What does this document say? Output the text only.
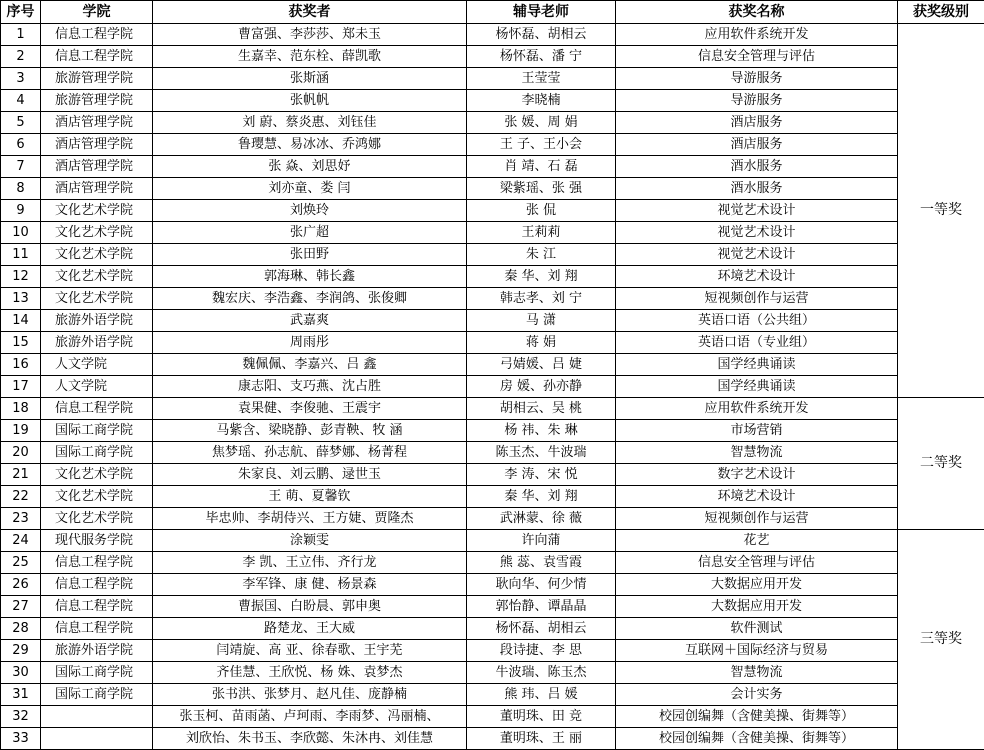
序号	学院	获奖者	辅导老师	获奖名称	获奖级别
1	信息工程学院	曹富强、李莎莎、郑未玉	杨怀磊、胡相云	应用软件系统开发	一等奖
2	信息工程学院	生嘉幸、范东栓、薛凯歌	杨怀磊、潘 宁	信息安全管理与评估	
3	旅游管理学院	张斯涵	王莹莹	导游服务	
4	旅游管理学院	张帆帆	李晓楠	导游服务	
5	酒店管理学院	刘 蔚、蔡炎惠、刘钰佳	张 媛、周 娟	酒店服务	
6	酒店管理学院	鲁璎慧、易冰冰、乔鸿娜	王 子、王小会	酒店服务	
7	酒店管理学院	张 焱、刘思妤	肖 靖、石 磊	酒水服务	
8	酒店管理学院	刘亦童、娄 闫	梁紫瑶、张 强	酒水服务	
9	文化艺术学院	刘焕玲	张 侃	视觉艺术设计	
10	文化艺术学院	张广超	王莉莉	视觉艺术设计	
11	文化艺术学院	张田野	朱 江	视觉艺术设计	
12	文化艺术学院	郭海琳、韩长鑫	秦 华、刘 翔	环境艺术设计	
13	文化艺术学院	魏宏庆、李浩鑫、李润鸽、张俊卿	韩志孝、刘 宁	短视频创作与运营	
14	旅游外语学院	武嘉爽	马 潇	英语口语（公共组）	
15	旅游外语学院	周雨彤	蒋 娟	英语口语（专业组）	
16	人文学院	魏佩佩、李嘉兴、吕 鑫	弓婧媛、吕 婕	国学经典诵读	
17	人文学院	康志阳、支巧燕、沈占胜	房 媛、孙亦静	国学经典诵读	
18	信息工程学院	袁果健、李俊驰、王震宇	胡相云、吴 桃	应用软件系统开发	二等奖
19	国际工商学院	马紫含、梁晓静、彭青鞅、牧 涵	杨 祎、朱 琳	市场营销	
20	国际工商学院	焦梦瑶、孙志航、薛梦娜、杨菁程	陈玉杰、牛波瑞	智慧物流	
21	文化艺术学院	朱家良、刘云鹏、逯世玉	李 涛、宋 悦	数字艺术设计	
22	文化艺术学院	王 萌、夏馨钦	秦 华、刘 翔	环境艺术设计	
23	文化艺术学院	毕忠帅、李胡侍兴、王方婕、贾隆杰	武淋蒙、徐 薇	短视频创作与运营	
24	现代服务学院	涂颖雯	许向蒲	花艺	三等奖
25	信息工程学院	李 凯、王立伟、齐行龙	熊 蕊、袁雪霞	信息安全管理与评估	
26	信息工程学院	李军锋、康 健、杨景森	耿向华、何少情	大数据应用开发	
27	信息工程学院	曹振国、白盼晨、郭申奥	郭怡静、谭晶晶	大数据应用开发	
28	信息工程学院	路楚龙、王大威	杨怀磊、胡相云	软件测试	
29	旅游外语学院	闫靖旋、高 亚、徐春歌、王宇芜	段诗捷、李 思	互联网＋国际经济与贸易	
30	国际工商学院	齐佳慧、王欣悦、杨 姝、袁梦杰	牛波瑞、陈玉杰	智慧物流	
31	国际工商学院	张书洪、张梦月、赵凡佳、庞静楠	熊 玮、吕 媛	会计实务	
32		张玉柯、苗雨菡、卢珂雨、李雨梦、冯丽楠、	董明珠、田 竞	校园创编舞（含健美操、街舞等）	
33		刘欣怡、朱书玉、李欣懿、朱沐冉、刘佳慧	董明珠、王 丽	校园创编舞（含健美操、街舞等）	
